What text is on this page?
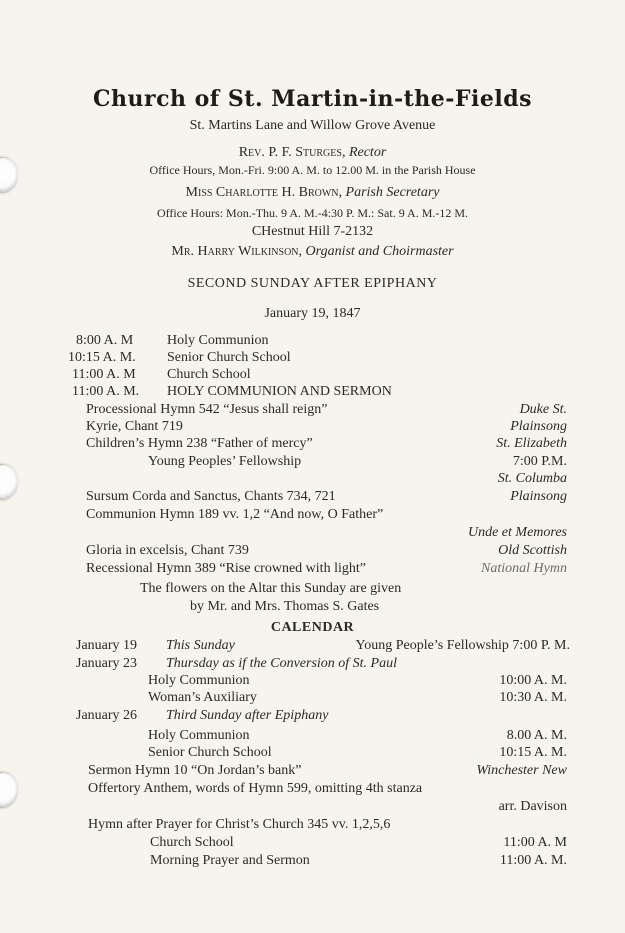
Church of St. Martin-in-the-Fields
St. Martins Lane and Willow Grove Avenue
Rev. P. F. Sturges, Rector
Office Hours, Mon.-Fri. 9:00 A. M. to 12.00 M. in the Parish House
Miss Charlotte H. Brown, Parish Secretary
Office Hours: Mon.-Thu. 9 A. M.-4:30 P. M.: Sat. 9 A. M.-12 M.
CHestnut Hill 7-2132
Mr. Harry Wilkinson, Organist and Choirmaster
SECOND SUNDAY AFTER EPIPHANY
January 19, 1847
8:00 A. M Holy Communion
10:15 A. M. Senior Church School
11:00 A. M Church School
11:00 A. M. HOLY COMMUNION AND SERMON
Processional Hymn 542 “Jesus shall reign”	Duke St.
Kyrie, Chant 719	Plainsong
Children’s Hymn 238 “Father of mercy”	St. Elizabeth
Young Peoples’ Fellowship	7:00 P.M.
St. Columba
Sursum Corda and Sanctus, Chants 734, 721	Plainsong
Communion Hymn 189 vv. 1,2 “And now, O Father”
Unde et Memores
Gloria in excelsis, Chant 739	Old Scottish
Recessional Hymn 389 “Rise crowned with light”	National Hymn
The flowers on the Altar this Sunday are given
by Mr. and Mrs. Thomas S. Gates
CALENDAR
January 19 This Sunday	Young People’s Fellowship 7:00 P. M.
January 23 Thursday as if the Conversion of St. Paul
Holy Communion	10:00 A. M.
Woman’s Auxiliary	10:30 A. M.
January 26 Third Sunday after Epiphany
Holy Communion	8.00 A. M.
Senior Church School	10:15 A. M.
Sermon Hymn 10 “On Jordan’s bank”	Winchester New
Offertory Anthem, words of Hymn 599, omitting 4th stanza
arr. Davison
Hymn after Prayer for Christ’s Church 345 vv. 1,2,5,6
Church School	11:00 A. M
Morning Prayer and Sermon	11:00 A. M.
